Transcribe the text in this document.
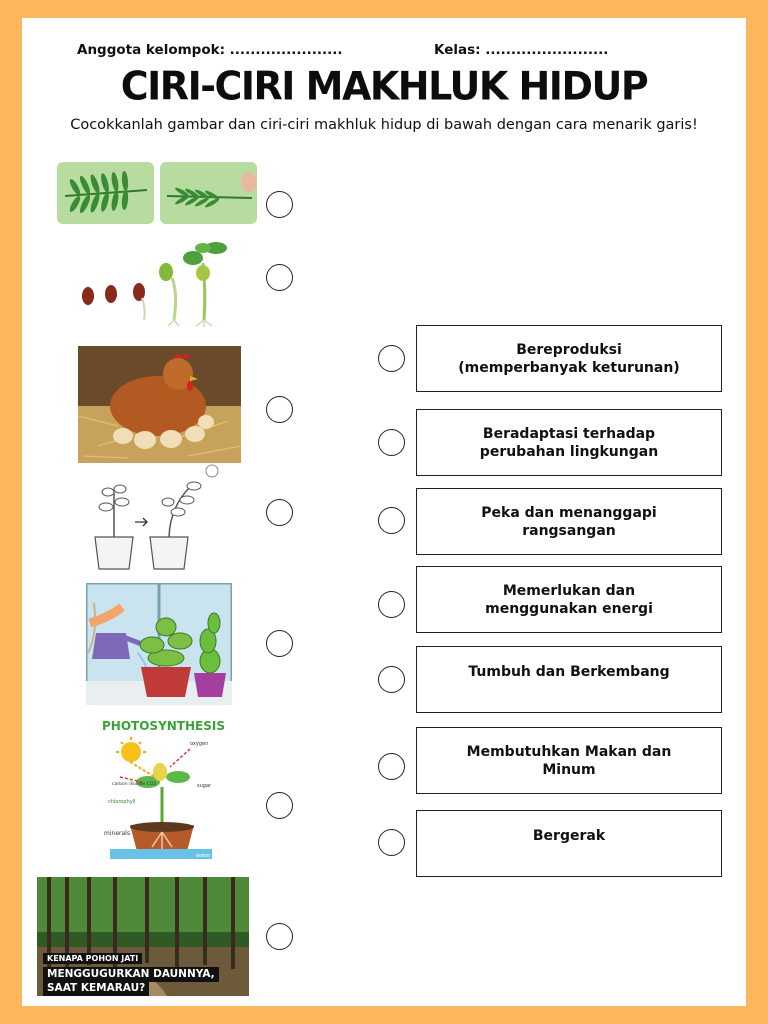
Anggota kelompok: ......................	Kelas: ........................
CIRI-CIRI MAKHLUK HIDUP
Cocokkanlah gambar dan ciri-ciri makhluk hidup di bawah dengan cara menarik garis!
PHOTOSYNTHESIS
oxygen
carbon dioxide CO2	sugar
chlorophyll
minerals
water
KENAPA POHON JATI
MENGGUGURKAN DAUNNYA,
SAAT KEMARAU?
Bereproduksi
(memperbanyak keturunan)
Beradaptasi terhadap
perubahan lingkungan
Peka dan menanggapi
rangsangan
Memerlukan dan
menggunakan energi
Tumbuh dan Berkembang
Membutuhkan Makan dan
Minum
Bergerak
